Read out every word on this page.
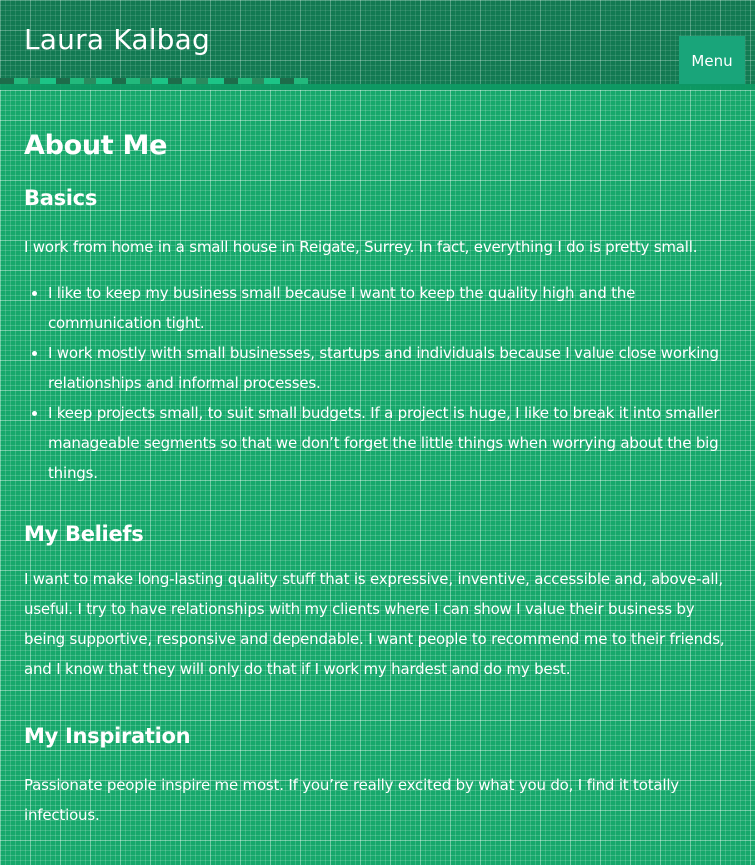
Laura Kalbag
Menu
About Me
Basics

I work from home in a small house in Reigate, Surrey. In fact, everything I do is pretty small.

• I like to keep my business small because I want to keep the quality high and the communication tight.
• I work mostly with small businesses, startups and individuals because I value close working relationships and informal processes.
• I keep projects small, to suit small budgets. If a project is huge, I like to break it into smaller manageable segments so that we don’t forget the little things when worrying about the big things.
My Beliefs

I want to make long-lasting quality stuff that is expressive, inventive, accessible and, above-all, useful. I try to have relationships with my clients where I can show I value their business by being supportive, responsive and dependable. I want people to recommend me to their friends, and I know that they will only do that if I work my hardest and do my best.

My Inspiration

Passionate people inspire me most. If you’re really excited by what you do, I find it totally infectious.
